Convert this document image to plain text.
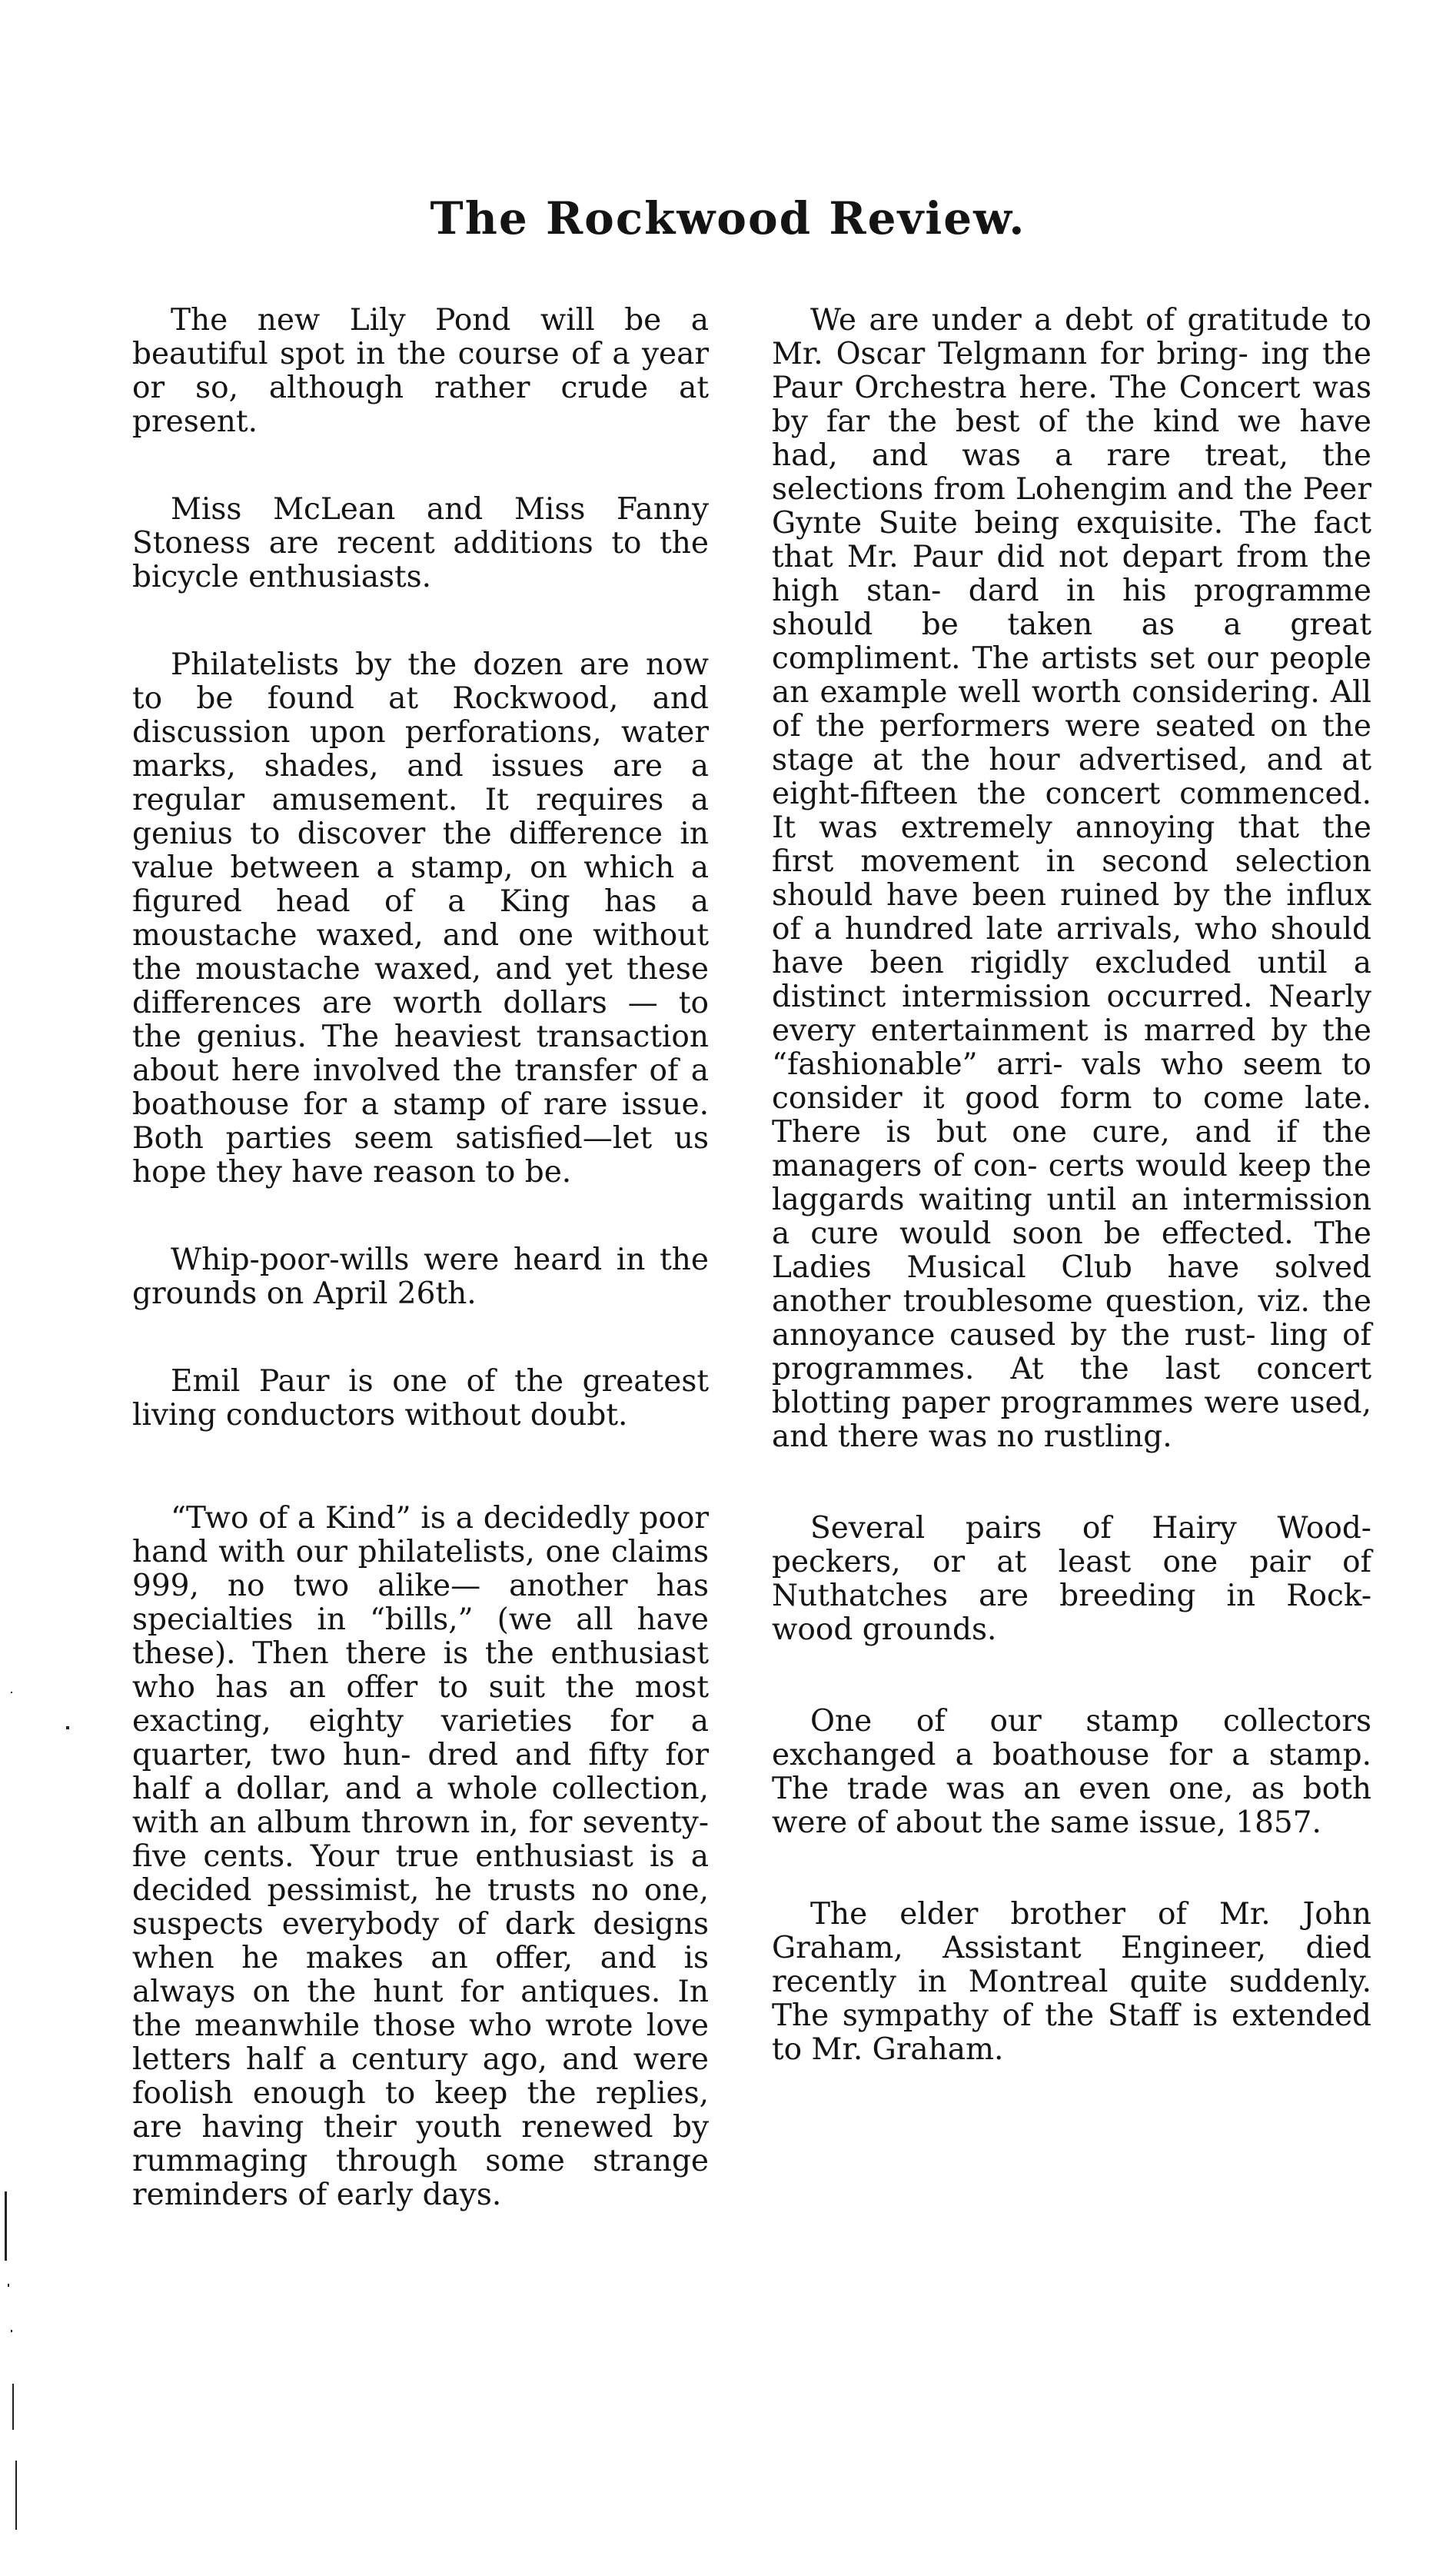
The Rockwood Review.

The new Lily Pond will be a beautiful spot in the course of a year or so, although rather crude at present.

Miss McLean and Miss Fanny Stoness are recent additions to the bicycle enthusiasts.

Philatelists by the dozen are now to be found at Rockwood, and discussion upon perforations, water marks, shades, and issues are a regular amusement. It requires a genius to discover the difference in value between a stamp, on which a figured head of a King has a moustache waxed, and one without the moustache waxed, and yet these differences are worth dollars — to the genius. The heaviest transaction about here involved the transfer of a boathouse for a stamp of rare issue. Both parties seem satisfied—let us hope they have reason to be.

Whip-poor-wills were heard in the grounds on April 26th.

Emil Paur is one of the greatest living conductors without doubt.

“Two of a Kind” is a decidedly poor hand with our philatelists, one claims 999, no two alike— another has specialties in “bills,” (we all have these). Then there is the enthusiast who has an offer to suit the most exacting, eighty varieties for a quarter, two hun- dred and fifty for half a dollar, and a whole collection, with an album thrown in, for seventy-five cents. Your true enthusiast is a decided pessimist, he trusts no one, suspects everybody of dark designs when he makes an offer, and is always on the hunt for antiques. In the meanwhile those who wrote love letters half a century ago, and were foolish enough to keep the replies, are having their youth renewed by rummaging through some strange reminders of early days.

We are under a debt of gratitude to Mr. Oscar Telgmann for bring- ing the Paur Orchestra here. The Concert was by far the best of the kind we have had, and was a rare treat, the selections from Lohengim and the Peer Gynte Suite being exquisite. The fact that Mr. Paur did not depart from the high stan- dard in his programme should be taken as a great compliment. The artists set our people an example well worth considering. All of the performers were seated on the stage at the hour advertised, and at eight-fifteen the concert commenced. It was extremely annoying that the first movement in second selection should have been ruined by the influx of a hundred late arrivals, who should have been rigidly excluded until a distinct intermission occurred. Nearly every entertainment is marred by the “fashionable” arri- vals who seem to consider it good form to come late. There is but one cure, and if the managers of con- certs would keep the laggards waiting until an intermission a cure would soon be effected. The Ladies Musical Club have solved another troublesome question, viz. the annoyance caused by the rust- ling of programmes. At the last concert blotting paper programmes were used, and there was no rustling.

Several pairs of Hairy Wood- peckers, or at least one pair of Nuthatches are breeding in Rock- wood grounds.

One of our stamp collectors exchanged a boathouse for a stamp. The trade was an even one, as both were of about the same issue, 1857.

The elder brother of Mr. John Graham, Assistant Engineer, died recently in Montreal quite suddenly. The sympathy of the Staff is extended to Mr. Graham.
